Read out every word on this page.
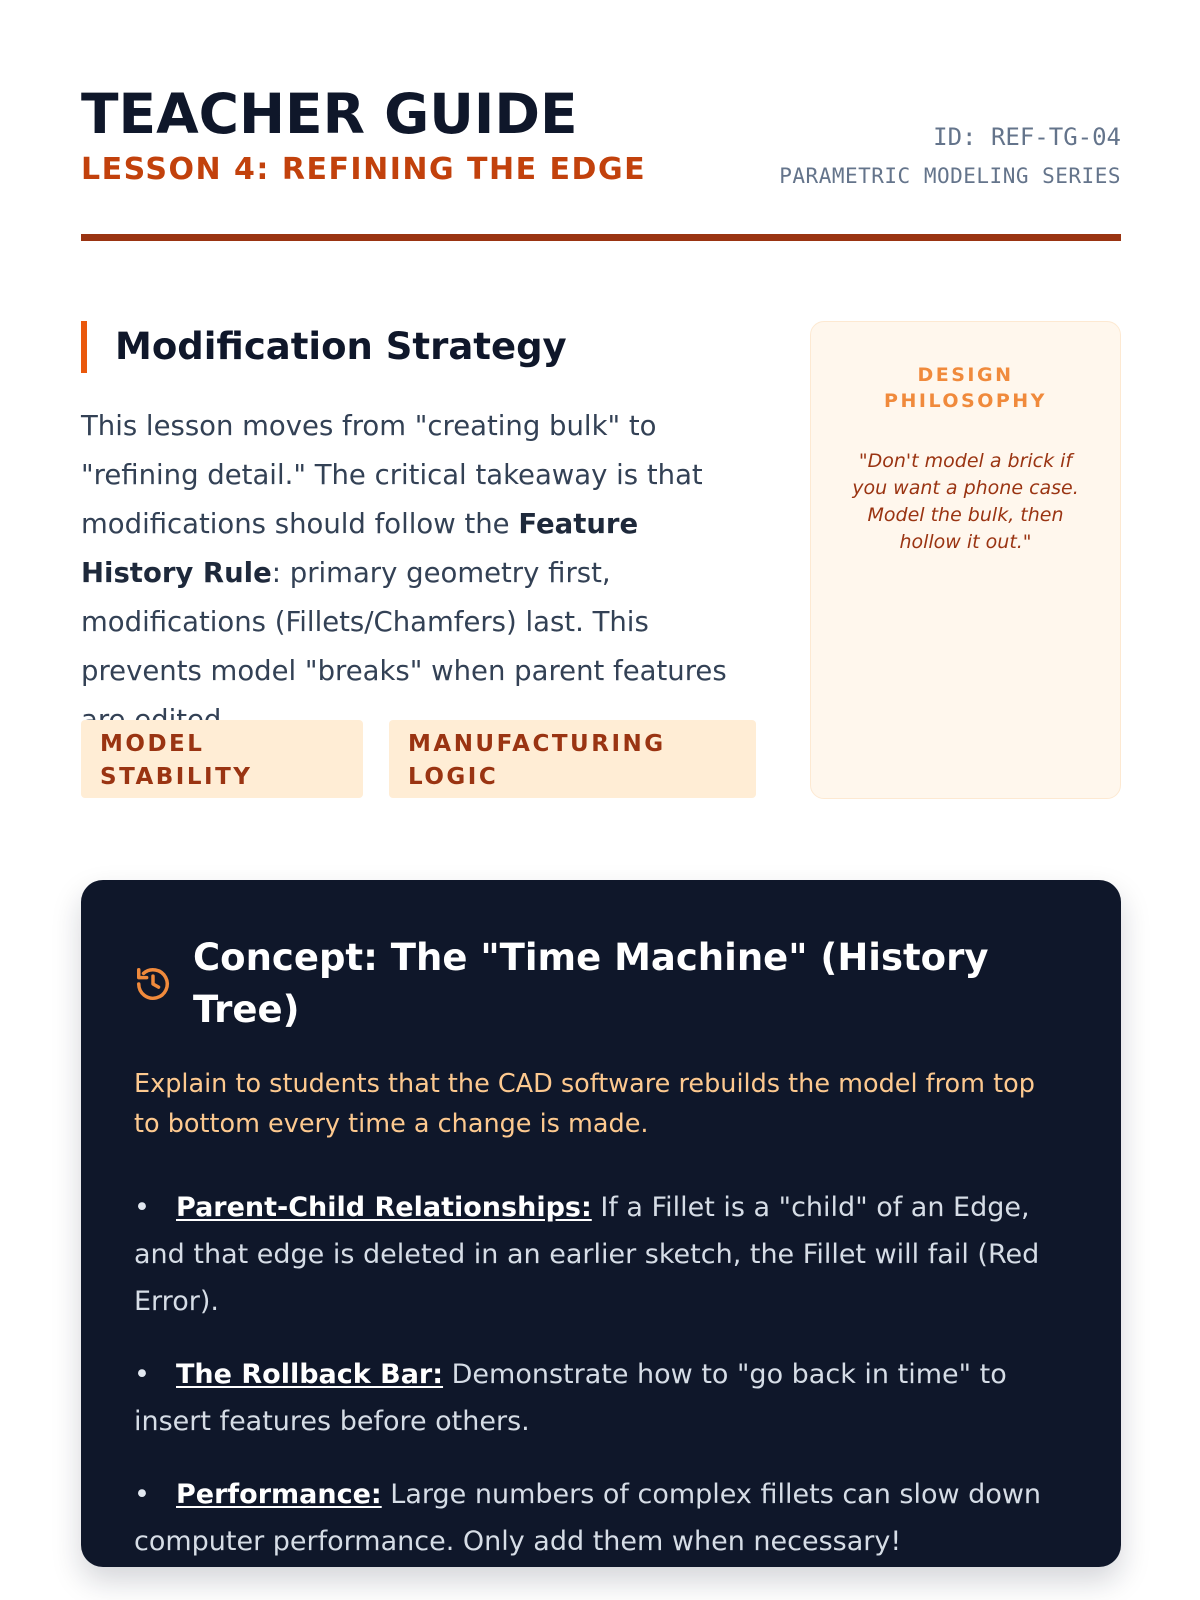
TEACHER GUIDE
LESSON 4: REFINING THE EDGE
ID: REF-TG-04
PARAMETRIC MODELING SERIES
Modification Strategy

This lesson moves from "creating bulk" to "refining detail." The critical takeaway is that modifications should follow the Feature History Rule: primary geometry first, modifications (Fillets/Chamfers) last. This prevents model "breaks" when parent features

MODEL STABILITY
MANUFACTURING LOGIC
DESIGN PHILOSOPHY
"Don't model a brick if you want a phone case. Model the bulk, then hollow it out."
Concept: The "Time Machine" (History Tree)

Explain to students that the CAD software rebuilds the model from top to bottom every time a change is made.

• Parent-Child Relationships: If a Fillet is a "child" of an Edge, and that edge is deleted in an earlier sketch, the Fillet will fail (Red Error).
• The Rollback Bar: Demonstrate how to "go back in time" to insert features before others.
• Performance: Large numbers of complex fillets can slow down computer performance. Only add them when necessary!
